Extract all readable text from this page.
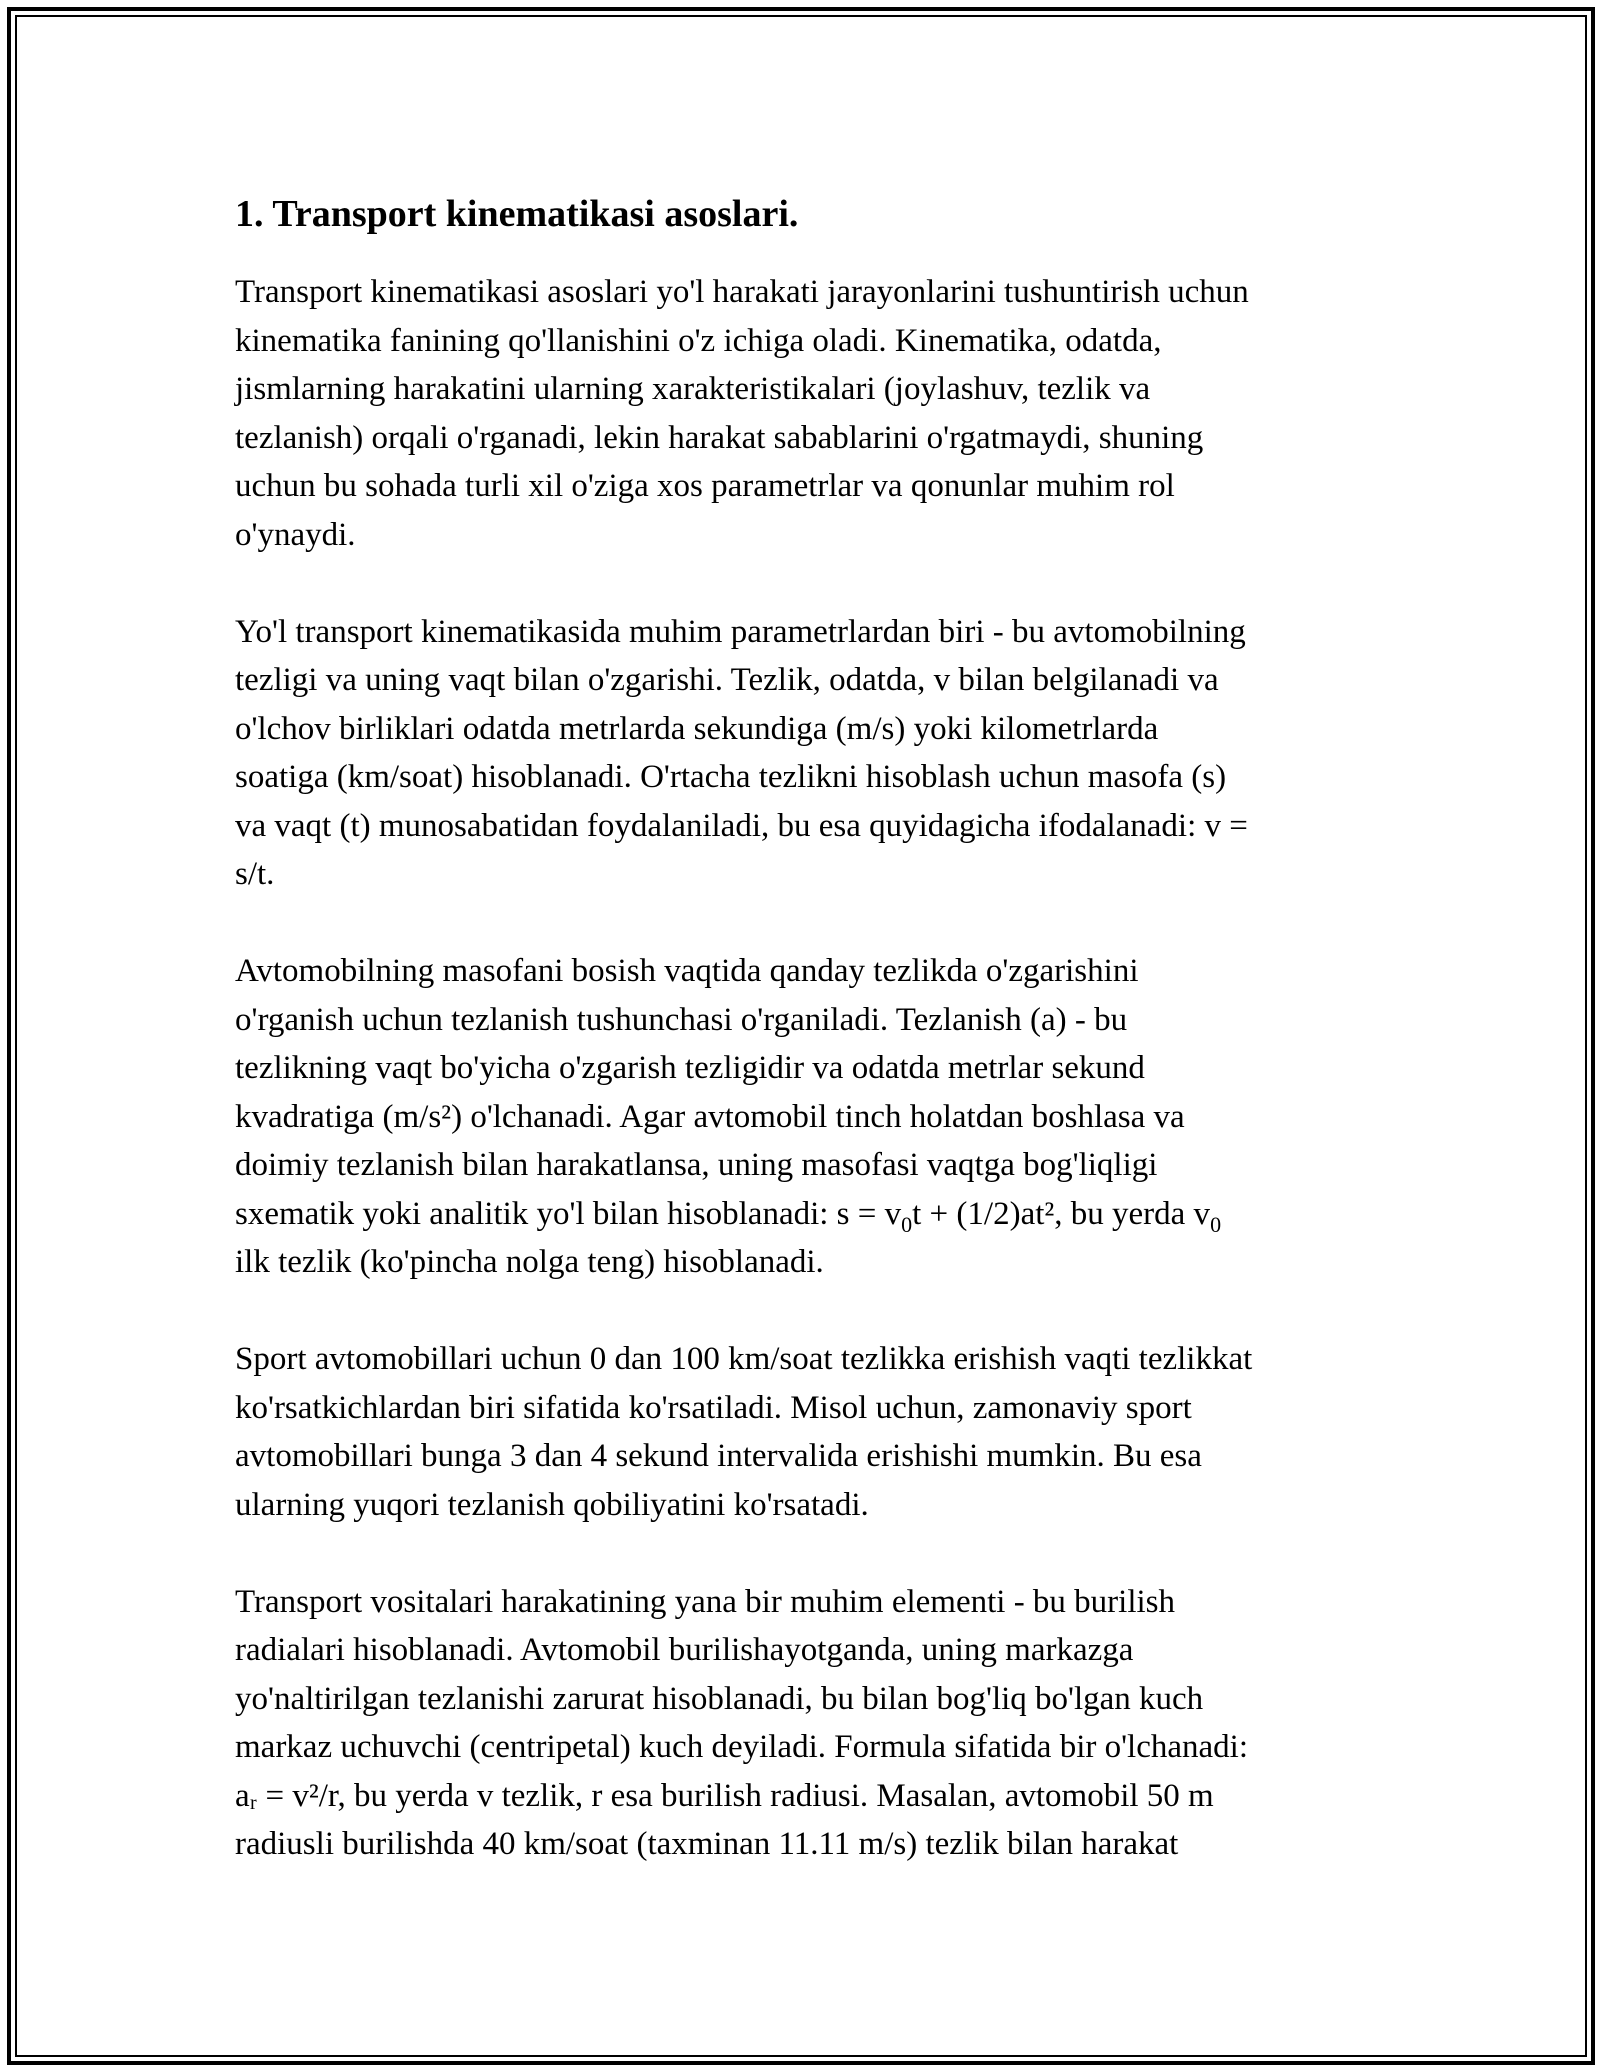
1. Transport kinematikasi asoslari.

Transport kinematikasi asoslari yo'l harakati jarayonlarini tushuntirish uchun
kinematika fanining qo'llanishini o'z ichiga oladi. Kinematika, odatda,
jismlarning harakatini ularning xarakteristikalari (joylashuv, tezlik va
tezlanish) orqali o'rganadi, lekin harakat sabablarini o'rgatmaydi, shuning
uchun bu sohada turli xil o'ziga xos parametrlar va qonunlar muhim rol
o'ynaydi.

Yo'l transport kinematikasida muhim parametrlardan biri - bu avtomobilning
tezligi va uning vaqt bilan o'zgarishi. Tezlik, odatda, v bilan belgilanadi va
o'lchov birliklari odatda metrlarda sekundiga (m/s) yoki kilometrlarda
soatiga (km/soat) hisoblanadi. O'rtacha tezlikni hisoblash uchun masofa (s)
va vaqt (t) munosabatidan foydalaniladi, bu esa quyidagicha ifodalanadi: v =
s/t.

Avtomobilning masofani bosish vaqtida qanday tezlikda o'zgarishini
o'rganish uchun tezlanish tushunchasi o'rganiladi. Tezlanish (a) - bu
tezlikning vaqt bo'yicha o'zgarish tezligidir va odatda metrlar sekund
kvadratiga (m/s²) o'lchanadi. Agar avtomobil tinch holatdan boshlasa va
doimiy tezlanish bilan harakatlansa, uning masofasi vaqtga bog'liqligi
sxematik yoki analitik yo'l bilan hisoblanadi: $s = v_0t + (1/2)at^2$, bu yerda $v_0$
ilk tezlik (ko'pincha nolga teng) hisoblanadi.

Sport avtomobillari uchun 0 dan 100 km/soat tezlikka erishish vaqti tezlikkat
ko'rsatkichlardan biri sifatida ko'rsatiladi. Misol uchun, zamonaviy sport
avtomobillari bunga 3 dan 4 sekund intervalida erishishi mumkin. Bu esa
ularning yuqori tezlanish qobiliyatini ko'rsatadi.

Transport vositalari harakatining yana bir muhim elementi - bu burilish
radialari hisoblanadi. Avtomobil burilishayotganda, uning markazga
yo'naltirilgan tezlanishi zarurat hisoblanadi, bu bilan bog'liq bo'lgan kuch
markaz uchuvchi (centripetal) kuch deyiladi. Formula sifatida bir o'lchanadi:
aᵣ = v²/r, bu yerda v tezlik, r esa burilish radiusi. Masalan, avtomobil 50 m
radiusli burilishda 40 km/soat (taxminan 11.11 m/s) tezlik bilan harakat
